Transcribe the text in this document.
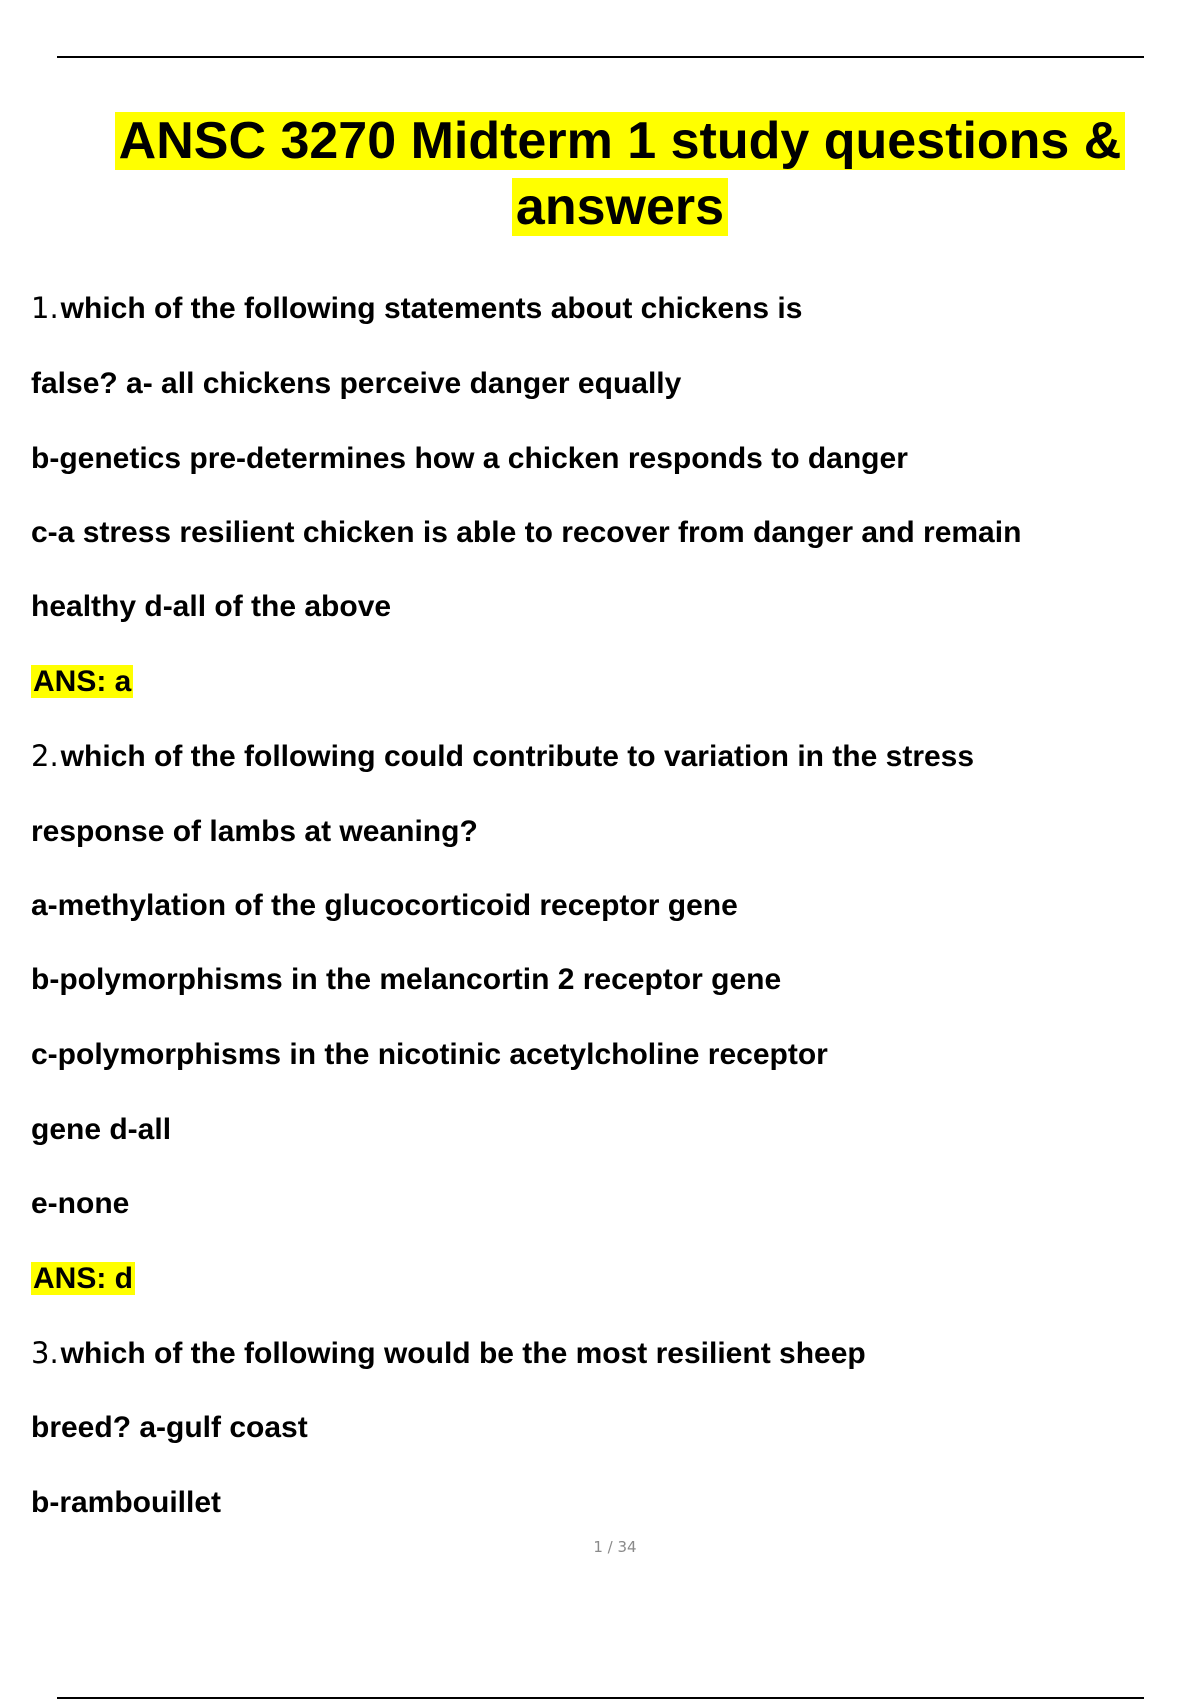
ANSC 3270 Midterm 1 study questions & answers

1.which of the following statements about chickens is

false? a- all chickens perceive danger equally

b-genetics pre-determines how a chicken responds to danger

c-a stress resilient chicken is able to recover from danger and remain

healthy d-all of the above

ANS: a

2.which of the following could contribute to variation in the stress

response of lambs at weaning?

a-methylation of the glucocorticoid receptor gene

b-polymorphisms in the melancortin 2 receptor gene

c-polymorphisms in the nicotinic acetylcholine receptor

gene d-all

e-none

ANS: d

3.which of the following would be the most resilient sheep

breed? a-gulf coast

b-rambouillet

1 / 34
